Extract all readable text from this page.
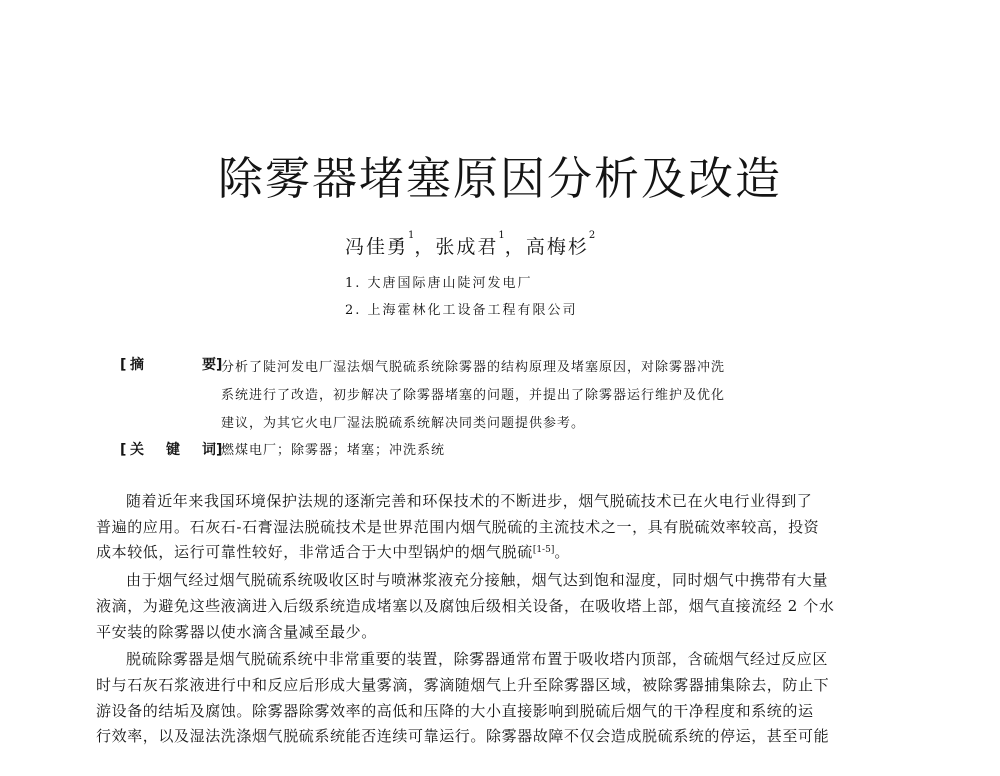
除雾器堵塞原因分析及改造
冯佳勇$^1$，张成君$^1$，高梅杉$^2$
1. 大唐国际唐山陡河发电厂
2. 上海霍林化工设备工程有限公司
[ 摘　要]
分析了陡河发电厂湿法烟气脱硫系统除雾器的结构原理及堵塞原因，对除雾器冲洗
系统进行了改造，初步解决了除雾器堵塞的问题，并提出了除雾器运行维护及优化
建议，为其它火电厂湿法脱硫系统解决同类问题提供参考。
[ 关 键 词]
燃煤电厂；除雾器；堵塞；冲洗系统
随着近年来我国环境保护法规的逐渐完善和环保技术的不断进步，烟气脱硫技术已在火电行业得到了
普遍的应用。石灰石-石膏湿法脱硫技术是世界范围内烟气脱硫的主流技术之一，具有脱硫效率较高，投资
成本较低，运行可靠性较好，非常适合于大中型锅炉的烟气脱硫[1-5]。
由于烟气经过烟气脱硫系统吸收区时与喷淋浆液充分接触，烟气达到饱和湿度，同时烟气中携带有大量
液滴，为避免这些液滴进入后级系统造成堵塞以及腐蚀后级相关设备，在吸收塔上部，烟气直接流经 2 个水
平安装的除雾器以使水滴含量减至最少。
脱硫除雾器是烟气脱硫系统中非常重要的装置，除雾器通常布置于吸收塔内顶部，含硫烟气经过反应区
时与石灰石浆液进行中和反应后形成大量雾滴，雾滴随烟气上升至除雾器区域，被除雾器捕集除去，防止下
游设备的结垢及腐蚀。除雾器除雾效率的高低和压降的大小直接影响到脱硫后烟气的干净程度和系统的运
行效率，以及湿法洗涤烟气脱硫系统能否连续可靠运行。除雾器故障不仅会造成脱硫系统的停运，甚至可能
